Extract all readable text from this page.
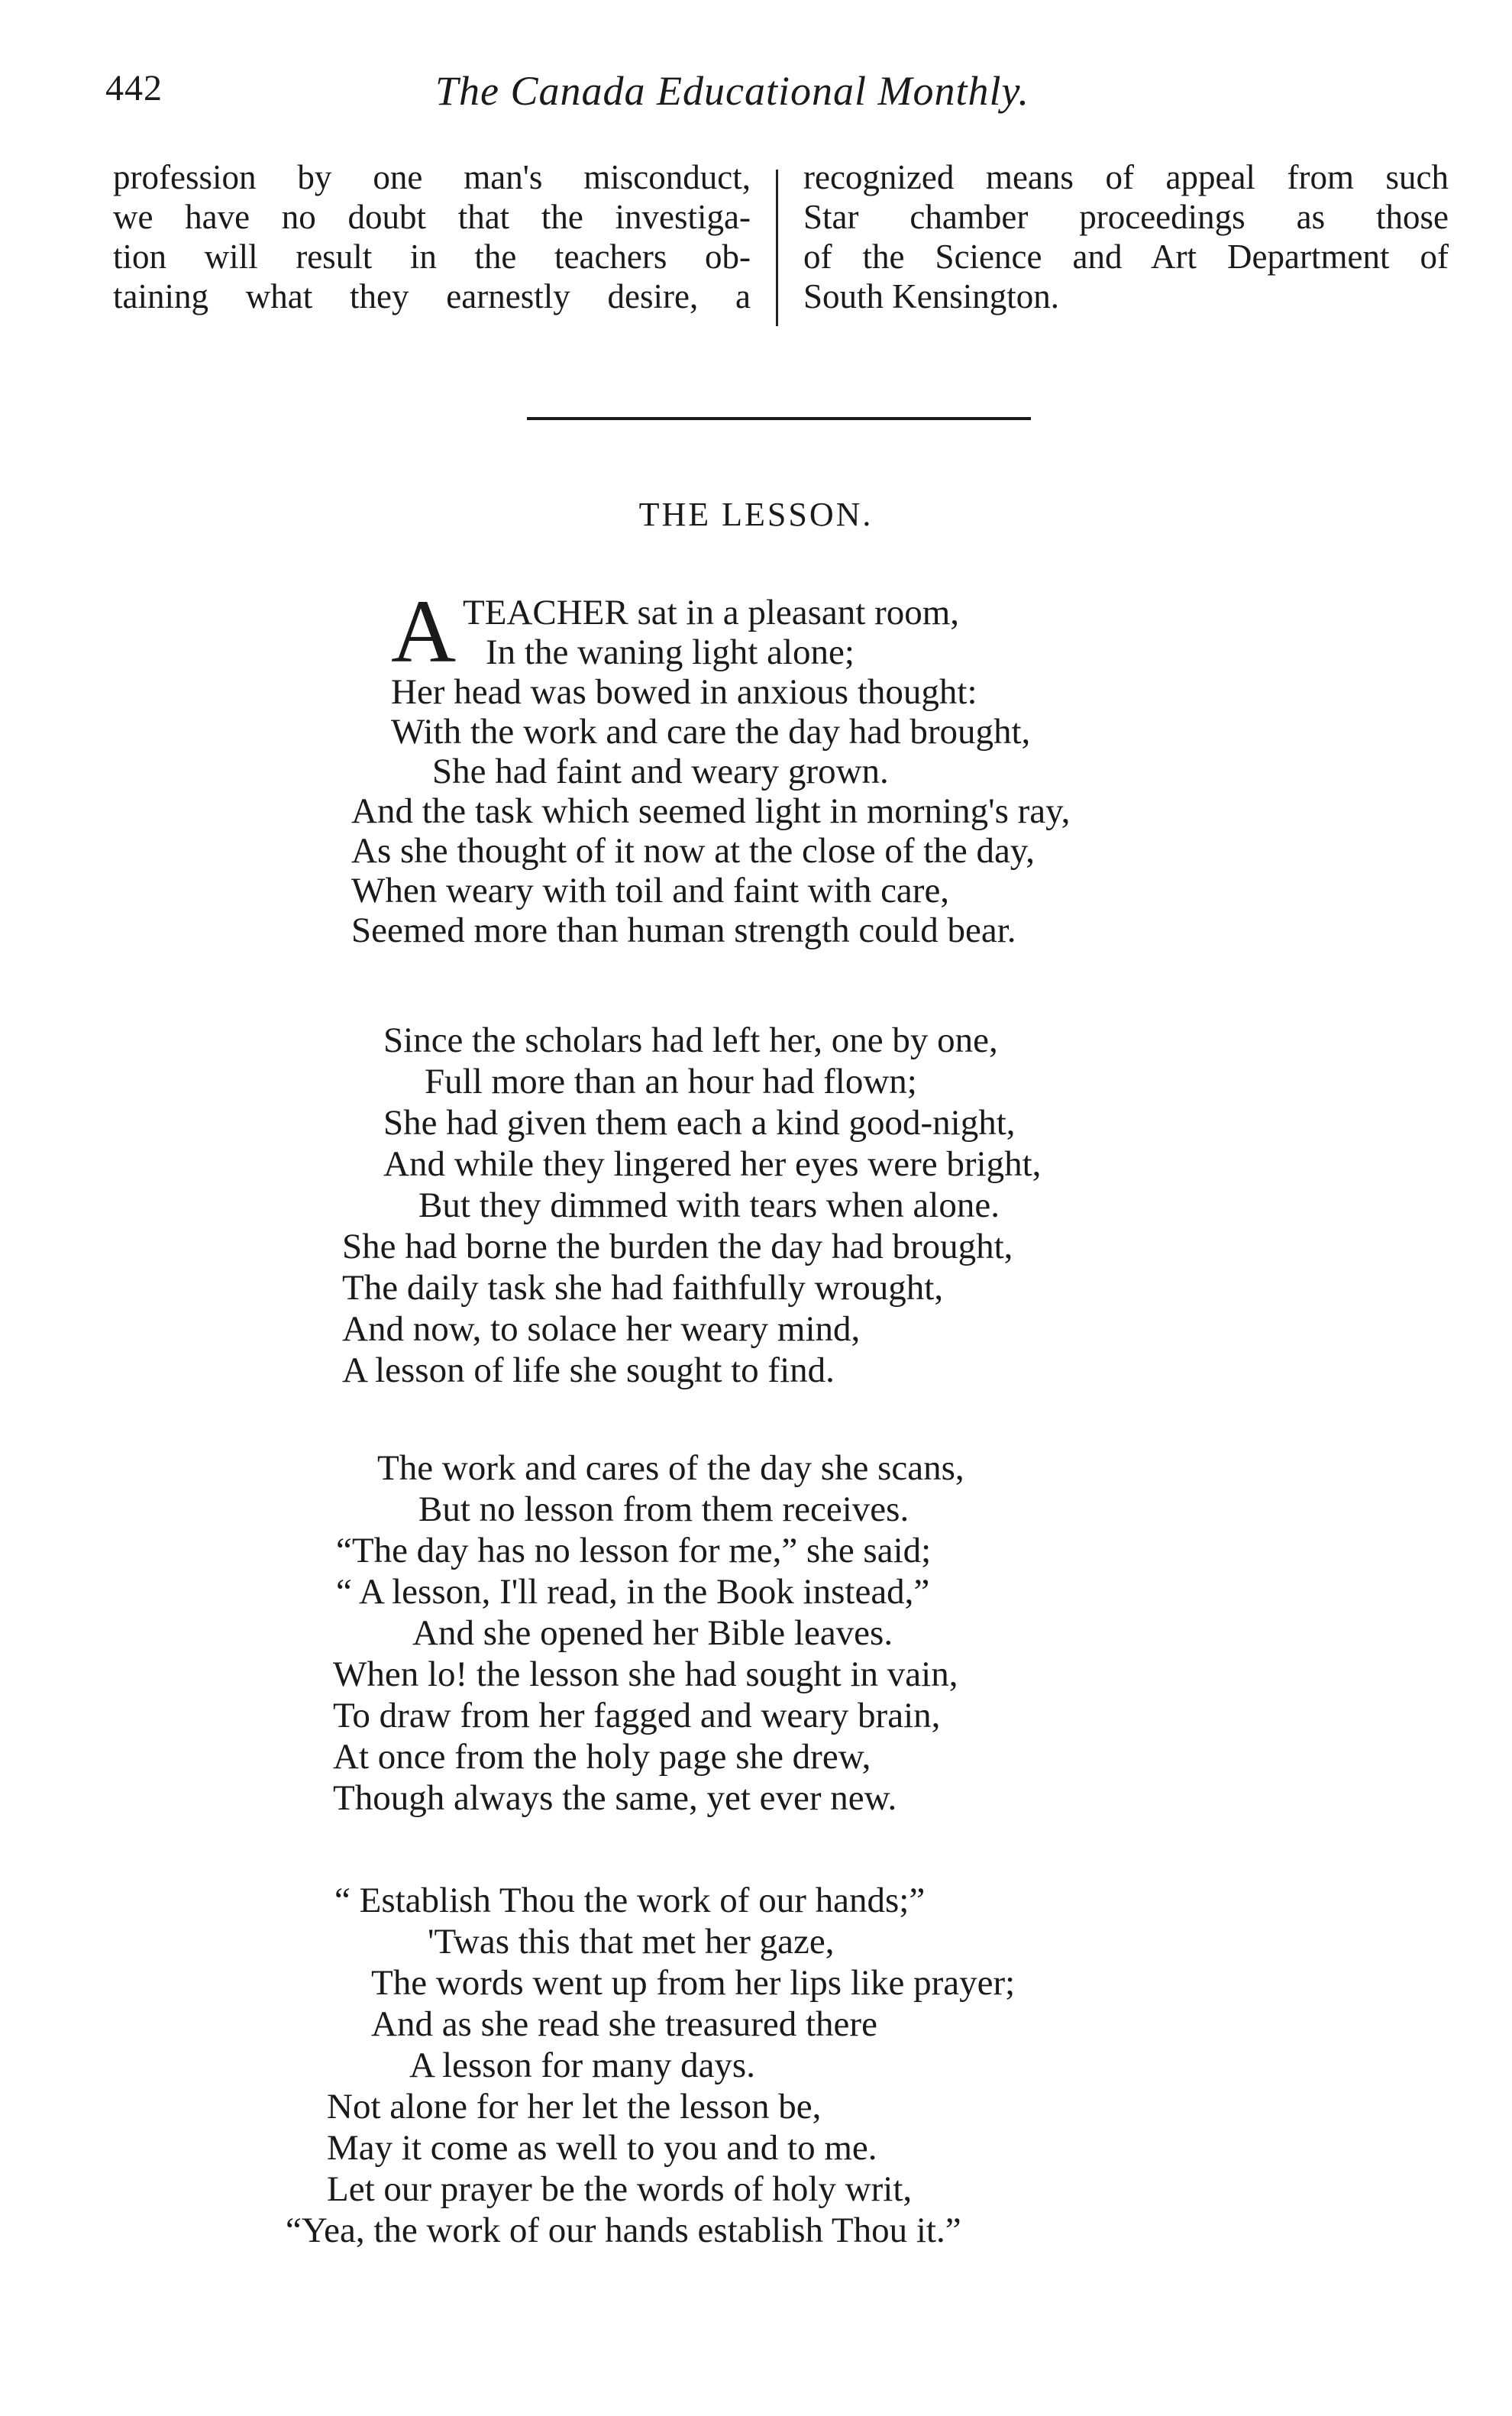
442	The Canada Educational Monthly.
profession by one man's misconduct,
we have no doubt that the investiga-
tion will result in the teachers ob-
taining what they earnestly desire, a
recognized means of appeal from such
Star chamber proceedings as those
of the Science and Art Department of
South Kensington.
THE LESSON.
A TEACHER sat in a pleasant room,
In the waning light alone;
Her head was bowed in anxious thought:
With the work and care the day had brought,
She had faint and weary grown.
And the task which seemed light in morning's ray,
As she thought of it now at the close of the day,
When weary with toil and faint with care,
Seemed more than human strength could bear.
Since the scholars had left her, one by one,
Full more than an hour had flown;
She had given them each a kind good-night,
And while they lingered her eyes were bright,
But they dimmed with tears when alone.
She had borne the burden the day had brought,
The daily task she had faithfully wrought,
And now, to solace her weary mind,
A lesson of life she sought to find.
The work and cares of the day she scans,
But no lesson from them receives.
“The day has no lesson for me,” she said;
“ A lesson, I'll read, in the Book instead,”
And she opened her Bible leaves.
When lo! the lesson she had sought in vain,
To draw from her fagged and weary brain,
At once from the holy page she drew,
Though always the same, yet ever new.
“ Establish Thou the work of our hands;”
'Twas this that met her gaze,
The words went up from her lips like prayer;
And as she read she treasured there
A lesson for many days.
Not alone for her let the lesson be,
May it come as well to you and to me.
Let our prayer be the words of holy writ,
“Yea, the work of our hands establish Thou it.”
